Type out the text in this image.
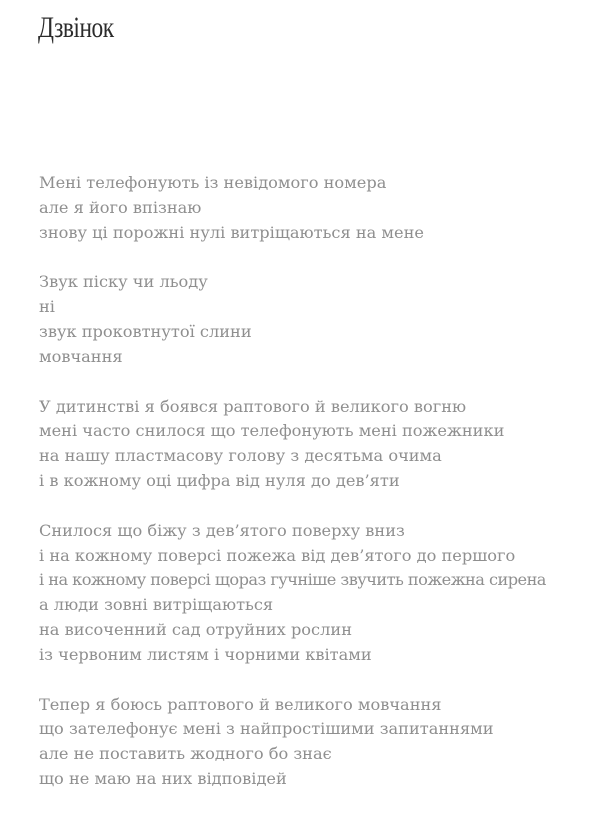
Дзвінок
Мені телефонують із невідомого номера
але я його впізнаю
знову ці порожні нулі витріщаються на мене
Звук піску чи льоду
ні
звук проковтнутої слини
мовчання
У дитинстві я боявся раптового й великого вогню
мені часто снилося що телефонують мені пожежники
на нашу пластмасову голову з десятьма очима
і в кожному оці цифра від нуля до дев’яти
Снилося що біжу з дев’ятого поверху вниз
і на кожному поверсі пожежа від дев’ятого до першого
і на кожному поверсі щораз гучніше звучить пожежна сирена
а люди зовні витріщаються
на височенний сад отруйних рослин
із червоним листям і чорними квітами
Тепер я боюсь раптового й великого мовчання
що зателефонує мені з найпростішими запитаннями
але не поставить жодного бо знає
що не маю на них відповідей
